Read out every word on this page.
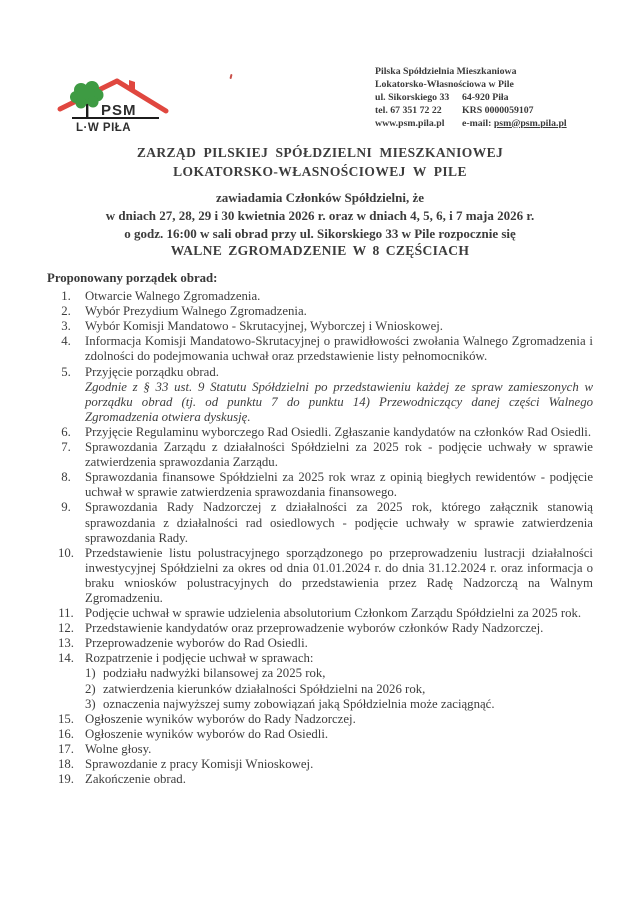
PSM
L·W PIŁA
Pilska Spółdzielnia Mieszkaniowa
Lokatorsko-Własnościowa w Pile
ul. Sikorskiego 33	64-920 Piła
tel. 67 351 72 22	KRS 0000059107
www.psm.pila.pl	e-mail: psm@psm.pila.pl
ZARZĄD PILSKIEJ SPÓŁDZIELNI MIESZKANIOWEJ
LOKATORSKO-WŁASNOŚCIOWEJ W PILE
zawiadamia Członków Spółdzielni, że
w dniach 27, 28, 29 i 30 kwietnia 2026 r. oraz w dniach 4, 5, 6, i 7 maja 2026 r.
o godz. 16:00 w sali obrad przy ul. Sikorskiego 33 w Pile rozpocznie się
WALNE ZGROMADZENIE W 8 CZĘŚCIACH
Proponowany porządek obrad:
1.	Otwarcie Walnego Zgromadzenia.
2.	Wybór Prezydium Walnego Zgromadzenia.
3.	Wybór Komisji Mandatowo - Skrutacyjnej, Wyborczej i Wnioskowej.
4.	Informacja Komisji Mandatowo-Skrutacyjnej o prawidłowości zwołania Walnego Zgromadzenia i zdolności do podejmowania uchwał oraz przedstawienie listy pełnomocników.
5.	Przyjęcie porządku obrad.
Zgodnie z § 33 ust. 9 Statutu Spółdzielni po przedstawieniu każdej ze spraw zamieszonych w porządku obrad (tj. od punktu 7 do punktu 14) Przewodniczący danej części Walnego Zgromadzenia otwiera dyskusję.
6.	Przyjęcie Regulaminu wyborczego Rad Osiedli. Zgłaszanie kandydatów na członków Rad Osiedli.
7.	Sprawozdania Zarządu z działalności Spółdzielni za 2025 rok - podjęcie uchwały w sprawie zatwierdzenia sprawozdania Zarządu.
8.	Sprawozdania finansowe Spółdzielni za 2025 rok wraz z opinią biegłych rewidentów - podjęcie uchwał w sprawie zatwierdzenia sprawozdania finansowego.
9.	Sprawozdania Rady Nadzorczej z działalności za 2025 rok, którego załącznik stanowią sprawozdania z działalności rad osiedlowych - podjęcie uchwały w sprawie zatwierdzenia sprawozdania Rady.
10. Przedstawienie listu polustracyjnego sporządzonego po przeprowadzeniu lustracji działalności inwestycyjnej Spółdzielni za okres od dnia 01.01.2024 r. do dnia 31.12.2024 r. oraz informacja o braku wniosków polustracyjnych do przedstawienia przez Radę Nadzorczą na Walnym Zgromadzeniu.
11. Podjęcie uchwał w sprawie udzielenia absolutorium Członkom Zarządu Spółdzielni za 2025 rok.
12. Przedstawienie kandydatów oraz przeprowadzenie wyborów członków Rady Nadzorczej.
13. Przeprowadzenie wyborów do Rad Osiedli.
14. Rozpatrzenie i podjęcie uchwał w sprawach:
1) podziału nadwyżki bilansowej za 2025 rok,
2) zatwierdzenia kierunków działalności Spółdzielni na 2026 rok,
3) oznaczenia najwyższej sumy zobowiązań jaką Spółdzielnia może zaciągnąć.
15. Ogłoszenie wyników wyborów do Rady Nadzorczej.
16. Ogłoszenie wyników wyborów do Rad Osiedli.
17. Wolne głosy.
18. Sprawozdanie z pracy Komisji Wnioskowej.
19. Zakończenie obrad.
